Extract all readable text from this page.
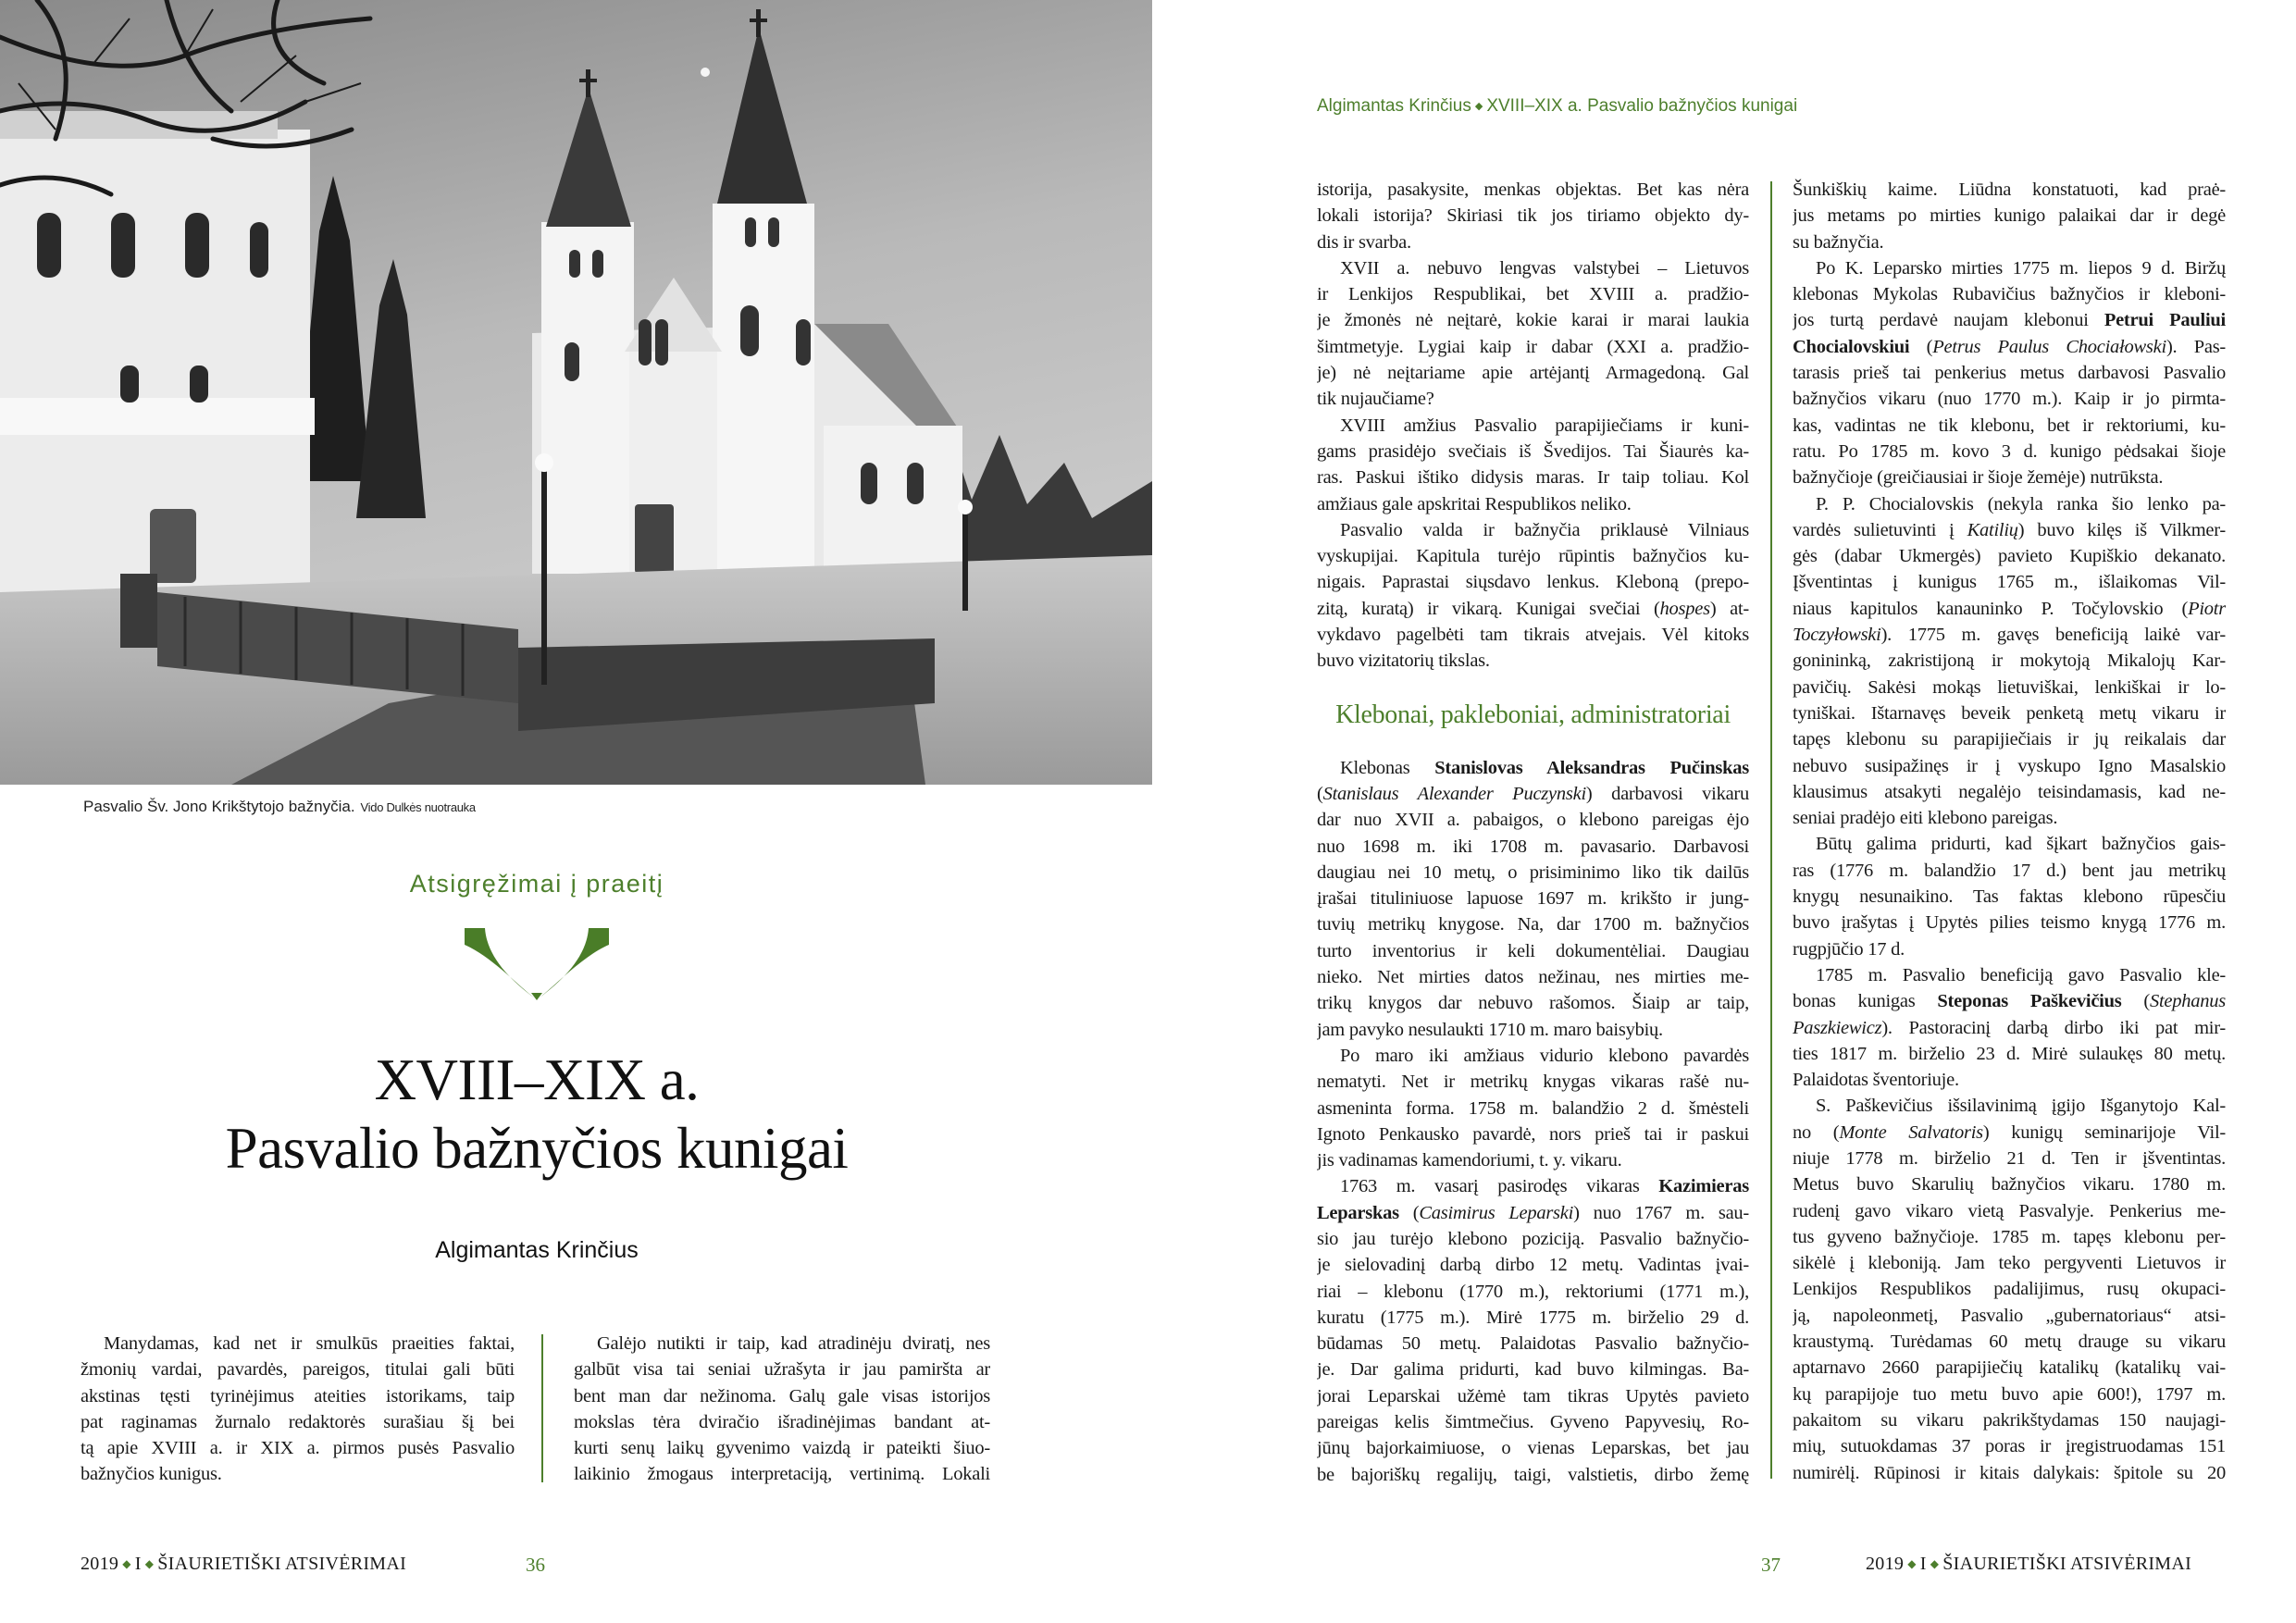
Pasvalio Šv. Jono Krikštytojo bažnyčia. Vido Dulkės nuotrauka
Atsigręžimai į praeitį
XVIII–XIX a.
Pasvalio bažnyčios kunigai
Algimantas Krinčius
Manydamas, kad net ir smulkūs praeities faktai,
žmonių vardai, pavardės, pareigos, titulai gali būti
akstinas tęsti tyrinėjimus ateities istorikams, taip
pat raginamas žurnalo redaktorės surašiau šį bei
tą apie XVIII a. ir XIX a. pirmos pusės Pasvalio
bažnyčios kunigus.
Galėjo nutikti ir taip, kad atradinėju dviratį, nes
galbūt visa tai seniai užrašyta ir jau pamiršta ar
bent man dar nežinoma. Galų gale visas istorijos
mokslas tėra dviračio išradinėjimas bandant at-
kurti senų laikų gyvenimo vaizdą ir pateikti šiuo-
laikinio žmogaus interpretaciją, vertinimą. Lokali
2019 ◆ I ◆ ŠIAURIETIŠKI ATSIVĖRIMAI	36
Algimantas Krinčius ◆ XVIII–XIX a. Pasvalio bažnyčios kunigai
istorija, pasakysite, menkas objektas. Bet kas nėra
lokali istorija? Skiriasi tik jos tiriamo objekto dy-
dis ir svarba.
XVII a. nebuvo lengvas valstybei – Lietuvos
ir Lenkijos Respublikai, bet XVIII a. pradžio-
je žmonės nė neįtarė, kokie karai ir marai laukia
šimtmetyje. Lygiai kaip ir dabar (XXI a. pradžio-
je) nė neįtariame apie artėjantį Armagedoną. Gal
tik nujaučiame?
XVIII amžius Pasvalio parapijiečiams ir kuni-
gams prasidėjo svečiais iš Švedijos. Tai Šiaurės ka-
ras. Paskui ištiko didysis maras. Ir taip toliau. Kol
amžiaus gale apskritai Respublikos neliko.
Pasvalio valda ir bažnyčia priklausė Vilniaus
vyskupijai. Kapitula turėjo rūpintis bažnyčios ku-
nigais. Paprastai siųsdavo lenkus. Kleboną (prepo-
zitą, kuratą) ir vikarą. Kunigai svečiai (hospes) at-
vykdavo pagelbėti tam tikrais atvejais. Vėl kitoks
buvo vizitatorių tikslas.
Klebonai, pakleboniai, administratoriai
Klebonas Stanislovas Aleksandras Pučinskas
(Stanislaus Alexander Puczynski) darbavosi vikaru
dar nuo XVII a. pabaigos, o klebono pareigas ėjo
nuo 1698 m. iki 1708 m. pavasario. Darbavosi
daugiau nei 10 metų, o prisiminimo liko tik dailūs
įrašai tituliniuose lapuose 1697 m. krikšto ir jung-
tuvių metrikų knygose. Na, dar 1700 m. bažnyčios
turto inventorius ir keli dokumentėliai. Daugiau
nieko. Net mirties datos nežinau, nes mirties me-
trikų knygos dar nebuvo rašomos. Šiaip ar taip,
jam pavyko nesulaukti 1710 m. maro baisybių.
Po maro iki amžiaus vidurio klebono pavardės
nematyti. Net ir metrikų knygas vikaras rašė nu-
asmeninta forma. 1758 m. balandžio 2 d. šmėsteli
Ignoto Penkausko pavardė, nors prieš tai ir paskui
jis vadinamas kamendoriumi, t. y. vikaru.
1763 m. vasarį pasirodęs vikaras Kazimieras
Leparskas (Casimirus Leparski) nuo 1767 m. sau-
sio jau turėjo klebono poziciją. Pasvalio bažnyčio-
je sielovadinį darbą dirbo 12 metų. Vadintas įvai-
riai – klebonu (1770 m.), rektoriumi (1771 m.),
kuratu (1775 m.). Mirė 1775 m. birželio 29 d.
būdamas 50 metų. Palaidotas Pasvalio bažnyčio-
je. Dar galima pridurti, kad buvo kilmingas. Ba-
jorai Leparskai užėmė tam tikras Upytės pavieto
pareigas kelis šimtmečius. Gyveno Papyvesių, Ro-
jūnų bajorkaimiuose, o vienas Leparskas, bet jau
be bajoriškų regalijų, taigi, valstietis, dirbo žemę
Šunkiškių kaime. Liūdna konstatuoti, kad praė-
jus metams po mirties kunigo palaikai dar ir degė
su bažnyčia.
Po K. Leparsko mirties 1775 m. liepos 9 d. Biržų
klebonas Mykolas Rubavičius bažnyčios ir kleboni-
jos turtą perdavė naujam klebonui Petrui Pauliui
Chocialovskiui (Petrus Paulus Chociałowski). Pas-
tarasis prieš tai penkerius metus darbavosi Pasvalio
bažnyčios vikaru (nuo 1770 m.). Kaip ir jo pirmta-
kas, vadintas ne tik klebonu, bet ir rektoriumi, ku-
ratu. Po 1785 m. kovo 3 d. kunigo pėdsakai šioje
bažnyčioje (greičiausiai ir šioje žemėje) nutrūksta.
P. P. Chocialovskis (nekyla ranka šio lenko pa-
vardės sulietuvinti į Katilių) buvo kilęs iš Vilkmer-
gės (dabar Ukmergės) pavieto Kupiškio dekanato.
Įšventintas į kunigus 1765 m., išlaikomas Vil-
niaus kapitulos kanauninko P. Točylovskio (Piotr
Toczyłowski). 1775 m. gavęs beneficiją laikė var-
gonininką, zakristijoną ir mokytoją Mikalojų Kar-
pavičių. Sakėsi mokąs lietuviškai, lenkiškai ir lo-
tyniškai. Ištarnavęs beveik penketą metų vikaru ir
tapęs klebonu su parapijiečiais ir jų reikalais dar
nebuvo susipažinęs ir į vyskupo Igno Masalskio
klausimus atsakyti negalėjo teisindamasis, kad ne-
seniai pradėjo eiti klebono pareigas.
Būtų galima pridurti, kad šįkart bažnyčios gais-
ras (1776 m. balandžio 17 d.) bent jau metrikų
knygų nesunaikino. Tas faktas klebono rūpesčiu
buvo įrašytas į Upytės pilies teismo knygą 1776 m.
rugpjūčio 17 d.
1785 m. Pasvalio beneficiją gavo Pasvalio kle-
bonas kunigas Steponas Paškevičius (Stephanus
Paszkiewicz). Pastoracinį darbą dirbo iki pat mir-
ties 1817 m. birželio 23 d. Mirė sulaukęs 80 metų.
Palaidotas šventoriuje.
S. Paškevičius išsilavinimą įgijo Išganytojo Kal-
no (Monte Salvatoris) kunigų seminarijoje Vil-
niuje 1778 m. birželio 21 d. Ten ir įšventintas.
Metus buvo Skarulių bažnyčios vikaru. 1780 m.
rudenį gavo vikaro vietą Pasvalyje. Penkerius me-
tus gyveno bažnyčioje. 1785 m. tapęs klebonu per-
sikėlė į kleboniją. Jam teko pergyventi Lietuvos ir
Lenkijos Respublikos padalijimus, rusų okupaci-
ją, napoleonmetį, Pasvalio „gubernatoriaus“ atsi-
kraustymą. Turėdamas 60 metų drauge su vikaru
aptarnavo 2660 parapijiečių katalikų (katalikų vai-
kų parapijoje tuo metu buvo apie 600!), 1797 m.
pakaitom su vikaru pakrikštydamas 150 naujagi-
mių, sutuokdamas 37 poras ir įregistruodamas 151
numirėlį. Rūpinosi ir kitais dalykais: špitole su 20
37	2019 ◆ I ◆ ŠIAURIETIŠKI ATSIVĖRIMAI
